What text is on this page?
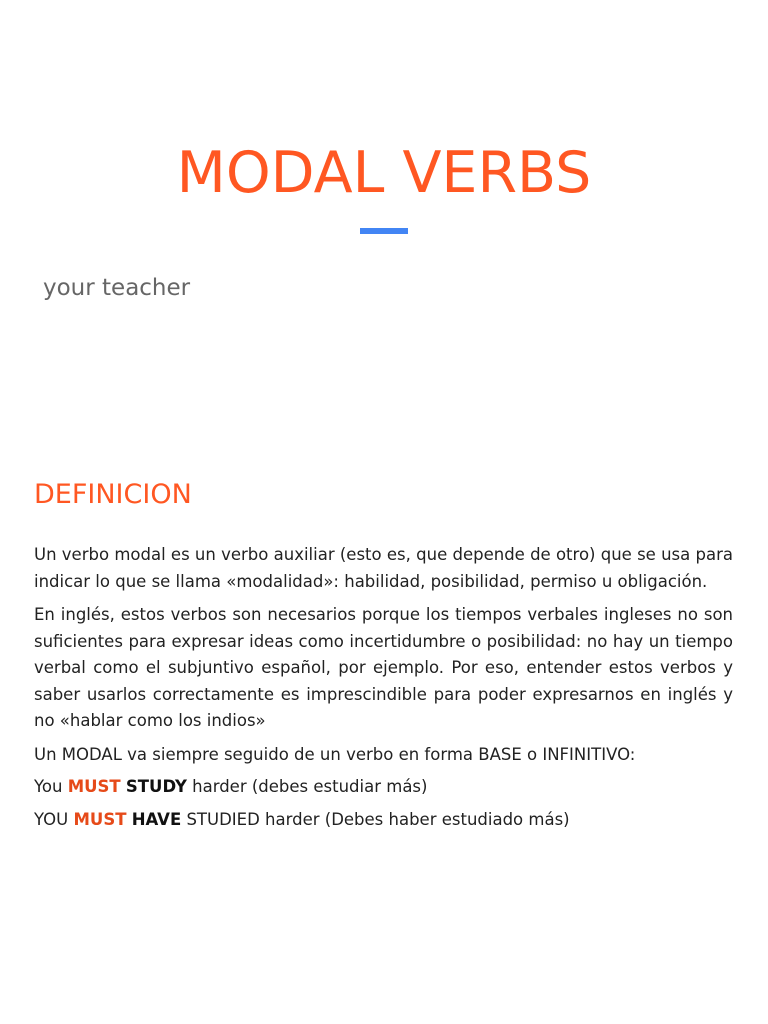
MODAL VERBS

your teacher

DEFINICION

Un verbo modal es un verbo auxiliar (esto es, que depende de otro) que se usa para indicar lo que se llama «modalidad»: habilidad, posibilidad, permiso u obligación.

En inglés, estos verbos son necesarios porque los tiempos verbales ingleses no son suficientes para expresar ideas como incertidumbre o posibilidad: no hay un tiempo verbal como el subjuntivo español, por ejemplo. Por eso, entender estos verbos y saber usarlos correctamente es imprescindible para poder expresarnos en inglés y no «hablar como los indios»

Un MODAL va siempre seguido de un verbo en forma BASE o INFINITIVO:

You MUST STUDY harder (debes estudiar más)

YOU MUST HAVE STUDIED harder (Debes haber estudiado más)
